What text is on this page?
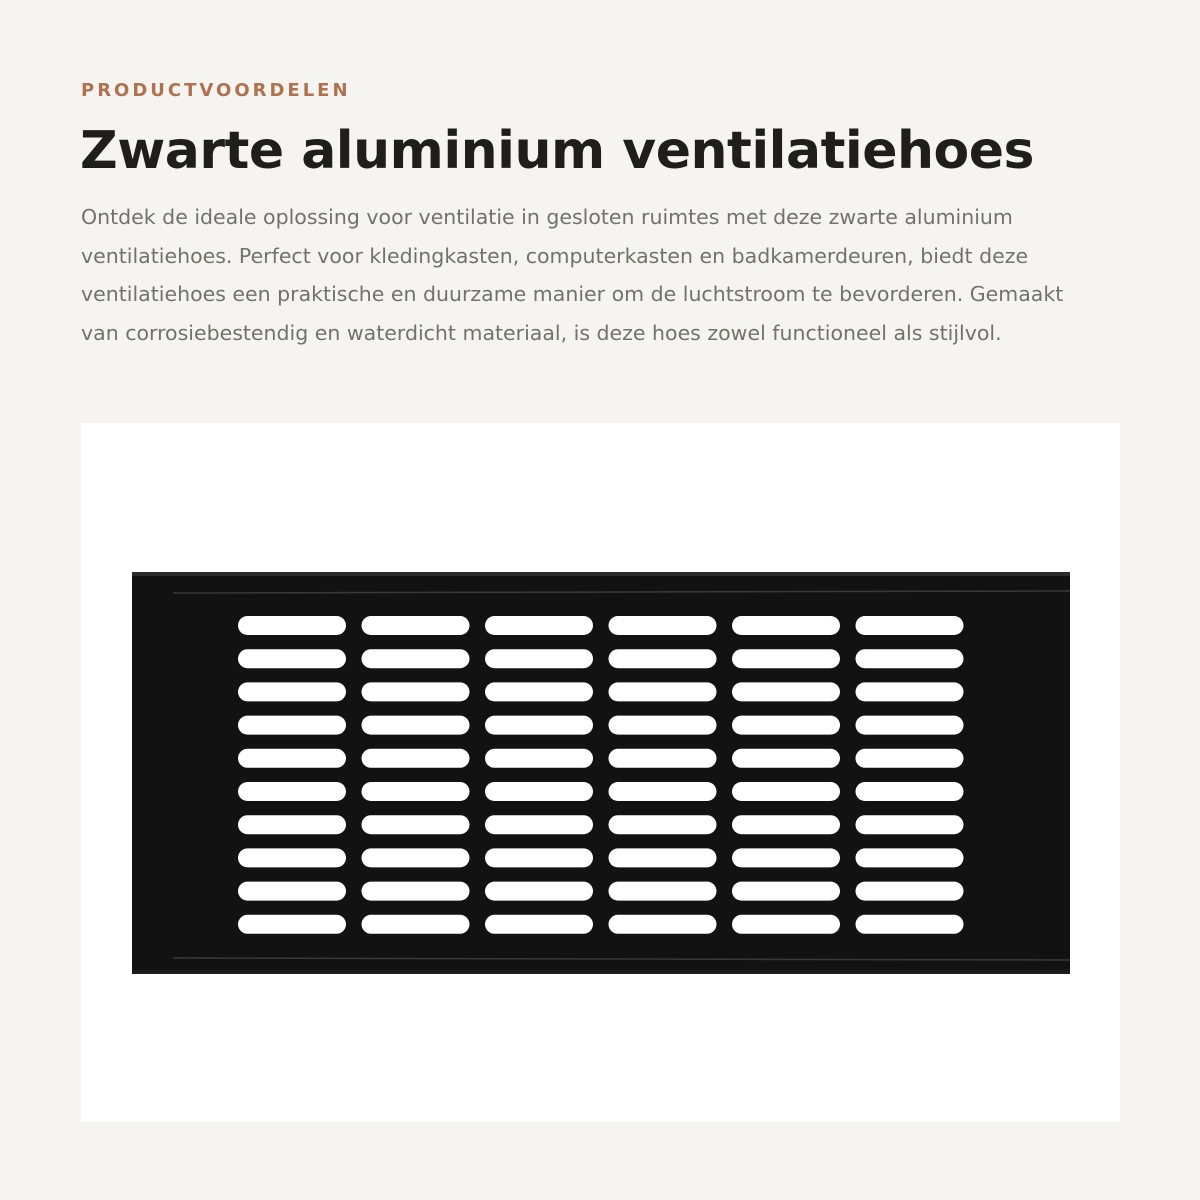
PRODUCTVOORDELEN

Zwarte aluminium ventilatiehoes

Ontdek de ideale oplossing voor ventilatie in gesloten ruimtes met deze zwarte aluminium ventilatiehoes. Perfect voor kledingkasten, computerkasten en badkamerdeuren, biedt deze ventilatiehoes een praktische en duurzame manier om de luchtstroom te bevorderen. Gemaakt van corrosiebestendig en waterdicht materiaal, is deze hoes zowel functioneel als stijlvol.
